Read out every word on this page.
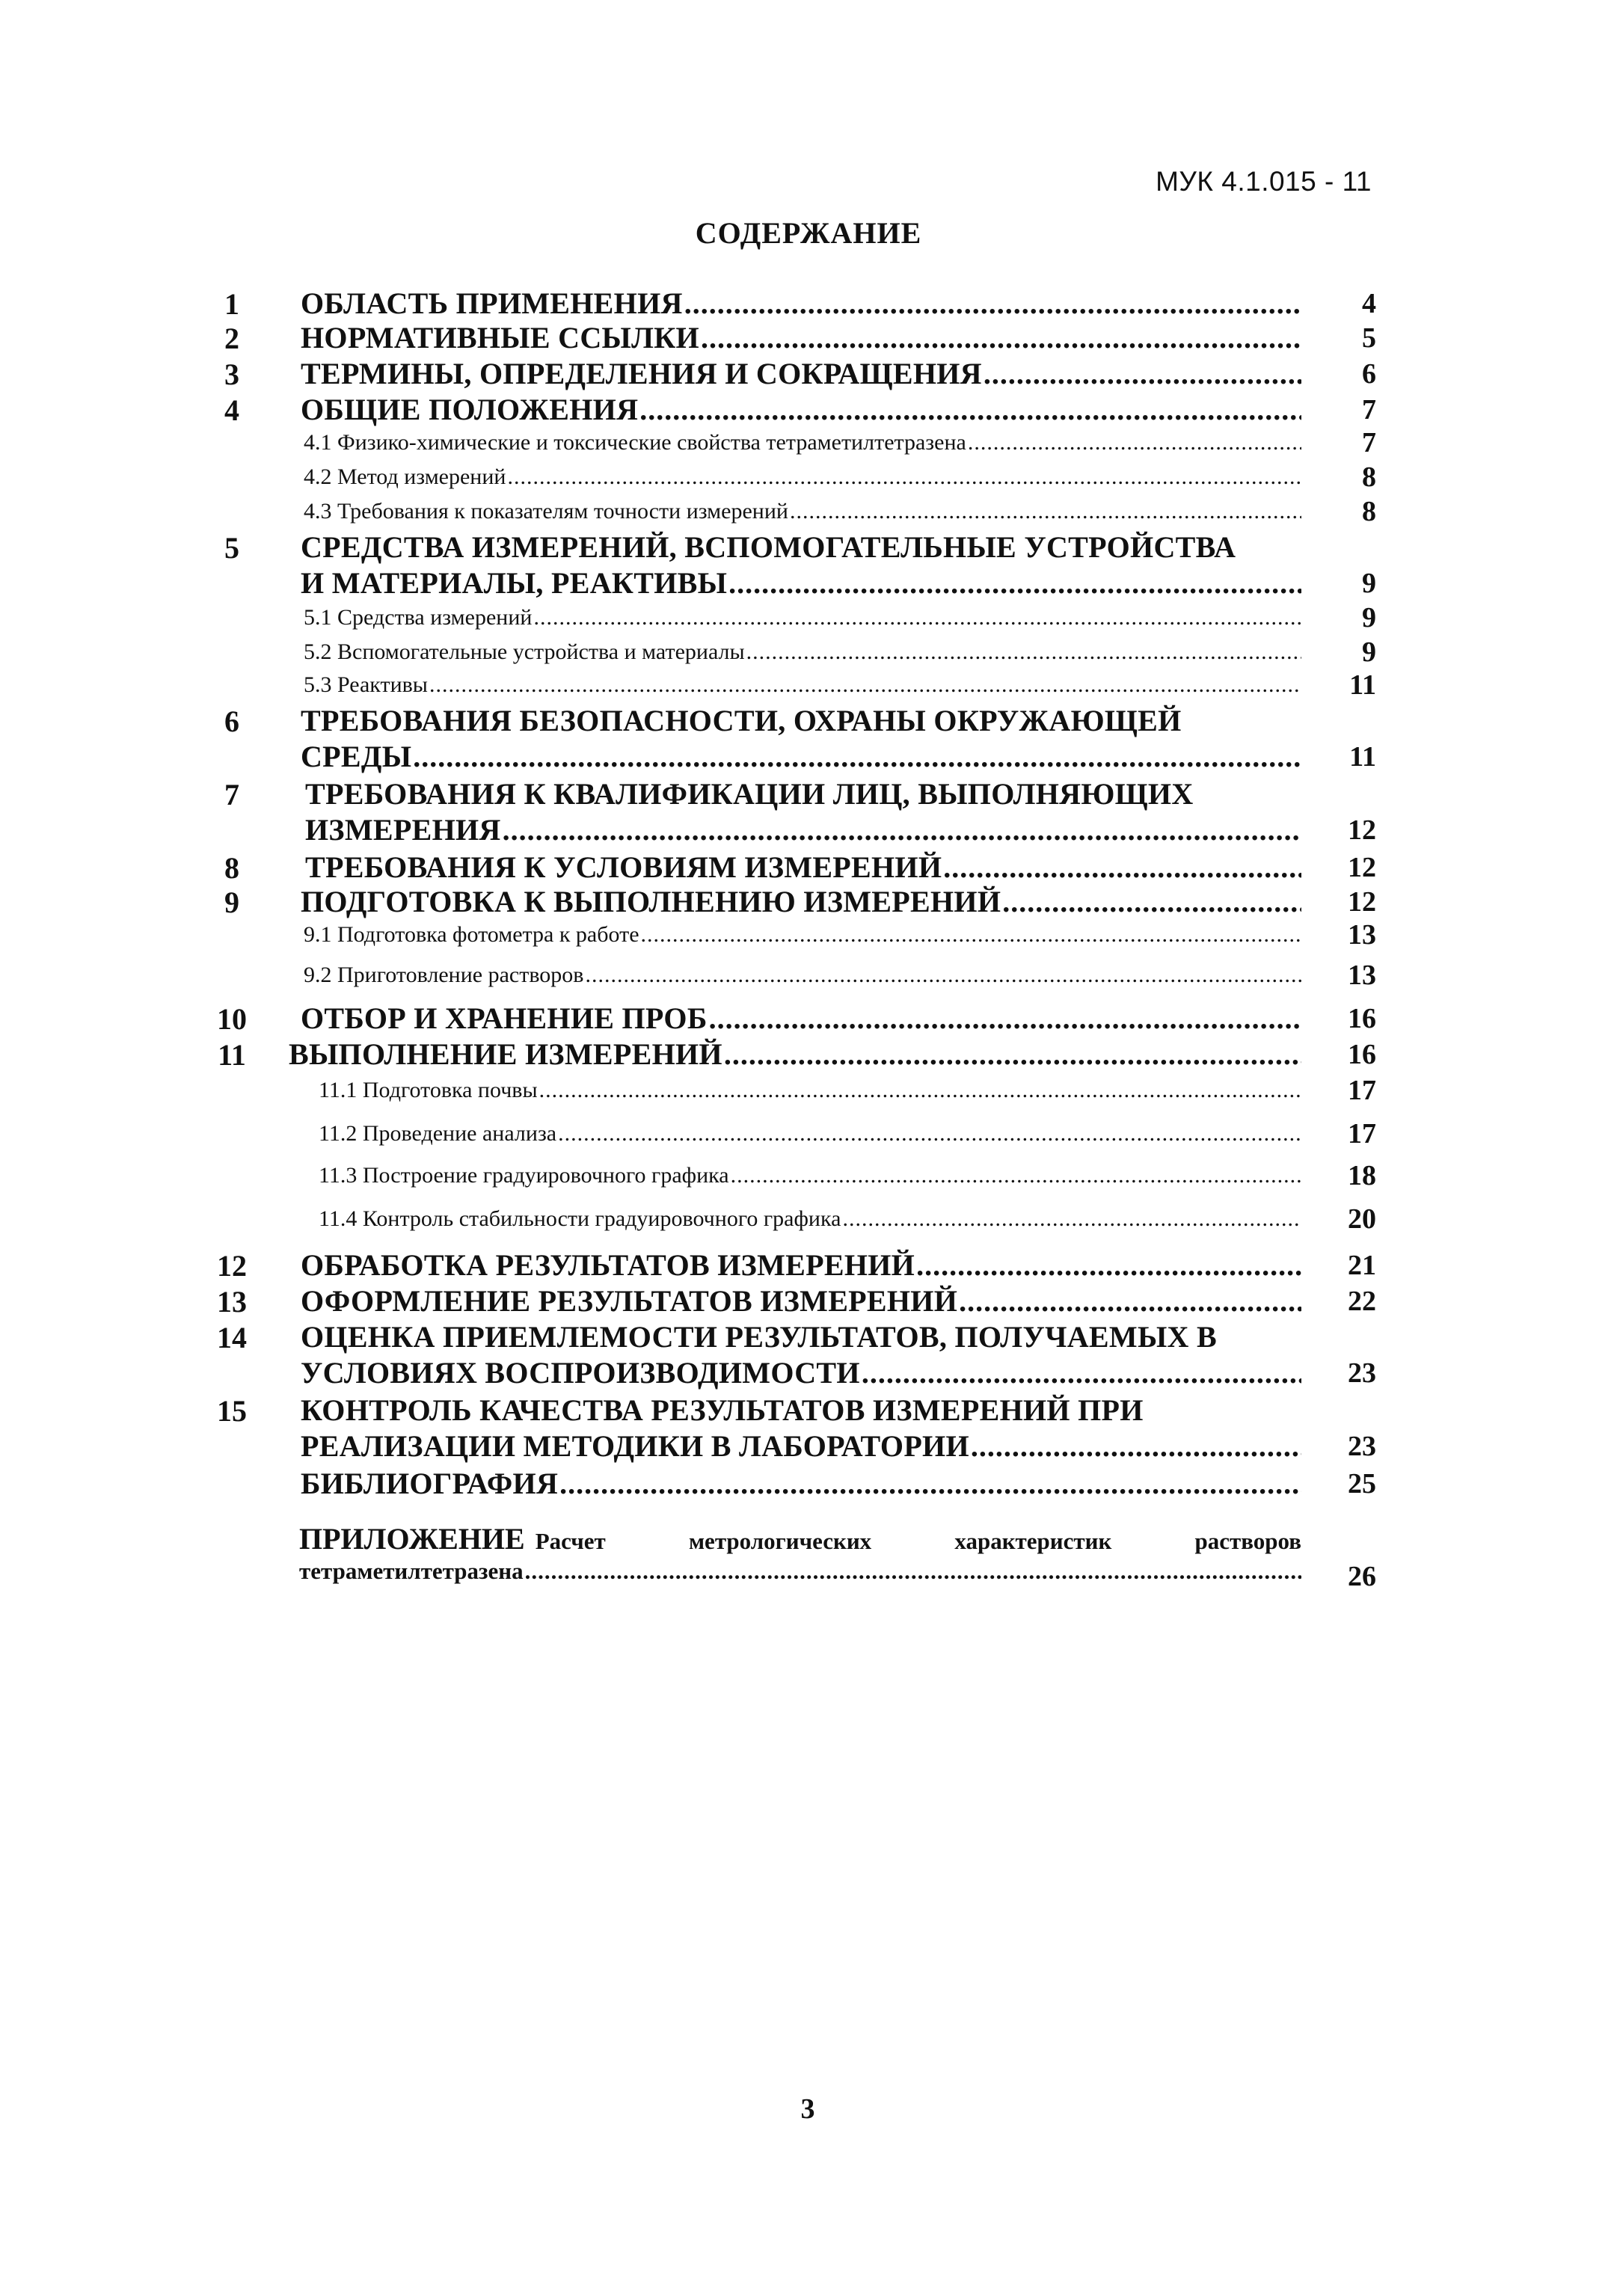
МУК 4.1.015 - 11
СОДЕРЖАНИЕ
1	ОБЛАСТЬ ПРИМЕНЕНИЯ .....	4
2	НОРМАТИВНЫЕ ССЫЛКИ .....	5
3	ТЕРМИНЫ, ОПРЕДЕЛЕНИЯ И СОКРАЩЕНИЯ .....	6
4	ОБЩИЕ ПОЛОЖЕНИЯ .....	7
4.1 Физико-химические и токсические свойства тетраметилтетразена .....	7
4.2 Метод измерений .....	8
4.3 Требования к показателям точности измерений .....	8
5	СРЕДСТВА ИЗМЕРЕНИЙ, ВСПОМОГАТЕЛЬНЫЕ УСТРОЙСТВА
И МАТЕРИАЛЫ, РЕАКТИВЫ .....	9
5.1 Средства измерений .....	9
5.2 Вспомогательные устройства и материалы .....	9
5.3 Реактивы .....	11
6	ТРЕБОВАНИЯ БЕЗОПАСНОСТИ, ОХРАНЫ ОКРУЖАЮЩЕЙ
СРЕДЫ .....	11
7	ТРЕБОВАНИЯ К КВАЛИФИКАЦИИ ЛИЦ, ВЫПОЛНЯЮЩИХ
ИЗМЕРЕНИЯ .....	12
8	ТРЕБОВАНИЯ К УСЛОВИЯМ ИЗМЕРЕНИЙ .....	12
9	ПОДГОТОВКА К ВЫПОЛНЕНИЮ ИЗМЕРЕНИЙ .....	12
9.1 Подготовка фотометра к работе .....	13
9.2 Приготовление растворов .....	13
10 ОТБОР И ХРАНЕНИЕ ПРОБ .....	16
11 ВЫПОЛНЕНИЕ ИЗМЕРЕНИЙ .....	16
11.1 Подготовка почвы .....	17
11.2 Проведение анализа .....	17
11.3 Построение градуировочного графика .....	18
11.4 Контроль стабильности градуировочного графика .....	20
12 ОБРАБОТКА РЕЗУЛЬТАТОВ ИЗМЕРЕНИЙ .....	21
13 ОФОРМЛЕНИЕ РЕЗУЛЬТАТОВ ИЗМЕРЕНИЙ .....	22
14 ОЦЕНКА ПРИЕМЛЕМОСТИ РЕЗУЛЬТАТОВ, ПОЛУЧАЕМЫХ В
УСЛОВИЯХ ВОСПРОИЗВОДИМОСТИ .....	23
15 КОНТРОЛЬ КАЧЕСТВА РЕЗУЛЬТАТОВ ИЗМЕРЕНИЙ ПРИ
РЕАЛИЗАЦИИ МЕТОДИКИ В ЛАБОРАТОРИИ .....	23
БИБЛИОГРАФИЯ .....	25
ПРИЛОЖЕНИЕ Расчет метрологических характеристик растворов
тетраметилтетразена .....	26
3
